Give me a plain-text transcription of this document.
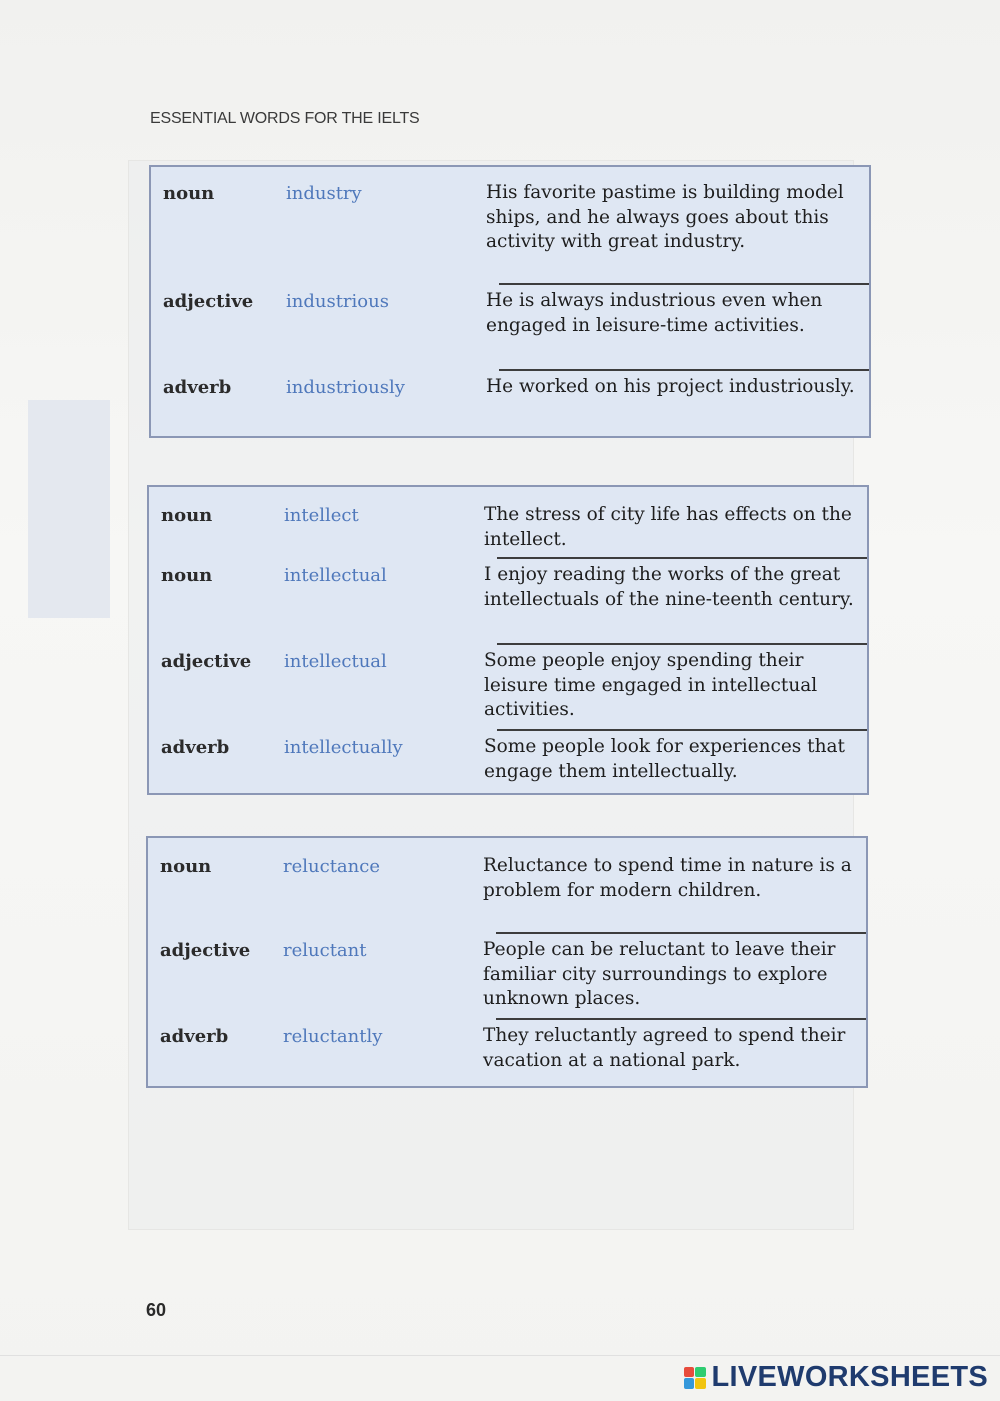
ESSENTIAL WORDS FOR THE IELTS
noun	industry	His favorite pastime is building model ships, and he always goes about this activity with great industry.
adjective	industrious	He is always industrious even when engaged in leisure-time activities.
adverb	industriously	He worked on his project industriously.
noun	intellect	The stress of city life has effects on the intellect.
noun	intellectual	I enjoy reading the works of the great intellectuals of the nine-teenth century.
adjective	intellectual	Some people enjoy spending their leisure time engaged in intellectual activities.
adverb	intellectually	Some people look for experiences that engage them intellectually.
noun	reluctance	Reluctance to spend time in nature is a problem for modern children.
adjective	reluctant	People can be reluctant to leave their familiar city surroundings to explore unknown places.
adverb	reluctantly	They reluctantly agreed to spend their vacation at a national park.
60
LIVEWORKSHEETS
